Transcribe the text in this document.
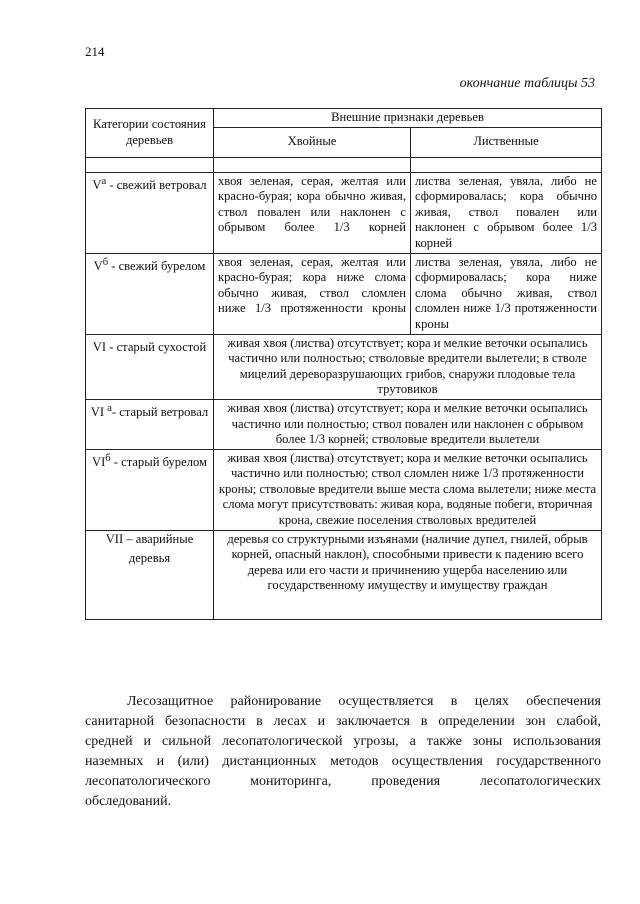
214
окончание таблицы 53
Категории состояния деревьев	Внешние признаки деревьев	
	Хвойные	Лиственные

$V^а$ - свежий ветровал	хвоя зеленая, серая, желтая или красно-бурая; кора обычно живая, ствол повален или наклонен с обрывом более 1/3 корней	листва зеленая, увяла, либо не сформировалась; кора обычно живая, ствол повален или наклонен с обрывом более 1/3 корней
$V^б$ - свежий бурелом	хвоя зеленая, серая, желтая или красно-бурая; кора ниже слома обычно живая, ствол сломлен ниже 1/3 протяженности кроны	листва зеленая, увяла, либо не сформировалась; кора ниже слома обычно живая, ствол сломлен ниже 1/3 протяженности кроны
VI - старый сухостой	живая хвоя (листва) отсутствует; кора и мелкие веточки осыпались частично или полностью; стволовые вредители вылетели; в стволе мицелий дереворазрушающих грибов, снаружи плодовые тела трутовиков	
VI $^а$- старый ветровал	живая хвоя (листва) отсутствует; кора и мелкие веточки осыпались частично или полностью; ствол повален или наклонен с обрывом более 1/3 корней; стволовые вредители вылетели	
$VI^б$ - старый бурелом	живая хвоя (листва) отсутствует; кора и мелкие веточки осыпались частично или полностью; ствол сломлен ниже 1/3 протяженности кроны; стволовые вредители выше места слома вылетели; ниже места слома могут присутствовать: живая кора, водяные побеги, вторичная крона, свежие поселения стволовых вредителей	
VII – аварийные деревья	деревья со структурными изъянами (наличие дупел, гнилей, обрыв корней, опасный наклон), способными привести к падению всего дерева или его части и причинению ущерба населению или государственному имуществу и имуществу граждан	
Лесозащитное районирование осуществляется в целях обеспечения
санитарной безопасности в лесах и заключается в определении зон слабой,
средней и сильной лесопатологической угрозы, а также зоны использования
наземных и (или) дистанционных методов осуществления государственного
лесопатологического мониторинга, проведения лесопатологических
обследований.
